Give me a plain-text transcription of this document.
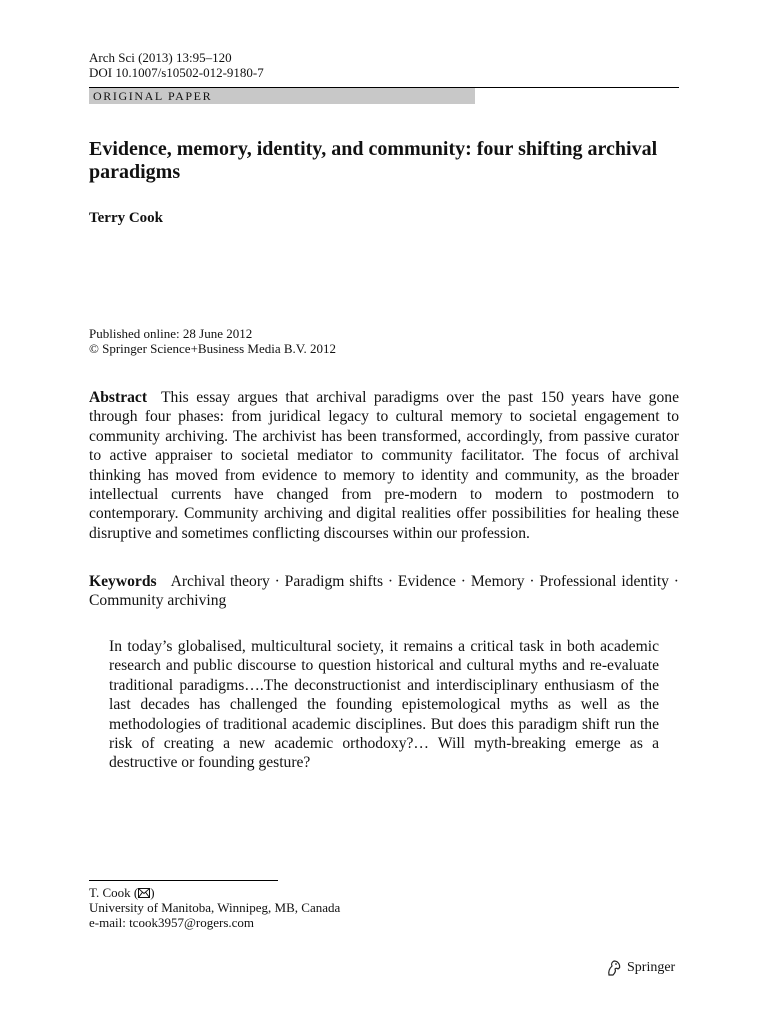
Arch Sci (2013) 13:95–120
DOI 10.1007/s10502-012-9180-7
ORIGINAL PAPER
Evidence, memory, identity, and community: four shifting archival paradigms
Terry Cook
Published online: 28 June 2012
© Springer Science+Business Media B.V. 2012
Abstract This essay argues that archival paradigms over the past 150 years have gone through four phases: from juridical legacy to cultural memory to societal engagement to community archiving. The archivist has been transformed, accordingly, from passive curator to active appraiser to societal mediator to community facilitator. The focus of archival thinking has moved from evidence to memory to identity and community, as the broader intellectual currents have changed from pre-modern to modern to postmodern to contemporary. Community archiving and digital realities offer possibilities for healing these disruptive and sometimes conflicting discourses within our profession.
Keywords Archival theory · Paradigm shifts · Evidence · Memory · Professional identity · Community archiving
In today’s globalised, multicultural society, it remains a critical task in both academic research and public discourse to question historical and cultural myths and re-evaluate traditional paradigms….The deconstructionist and interdisciplinary enthusiasm of the last decades has challenged the founding epistemological myths as well as the methodologies of traditional academic disciplines. But does this paradigm shift run the risk of creating a new academic orthodoxy?… Will myth-breaking emerge as a destructive or founding gesture?
T. Cook ( )
University of Manitoba, Winnipeg, MB, Canada
e-mail: tcook3957@rogers.com
Springer
